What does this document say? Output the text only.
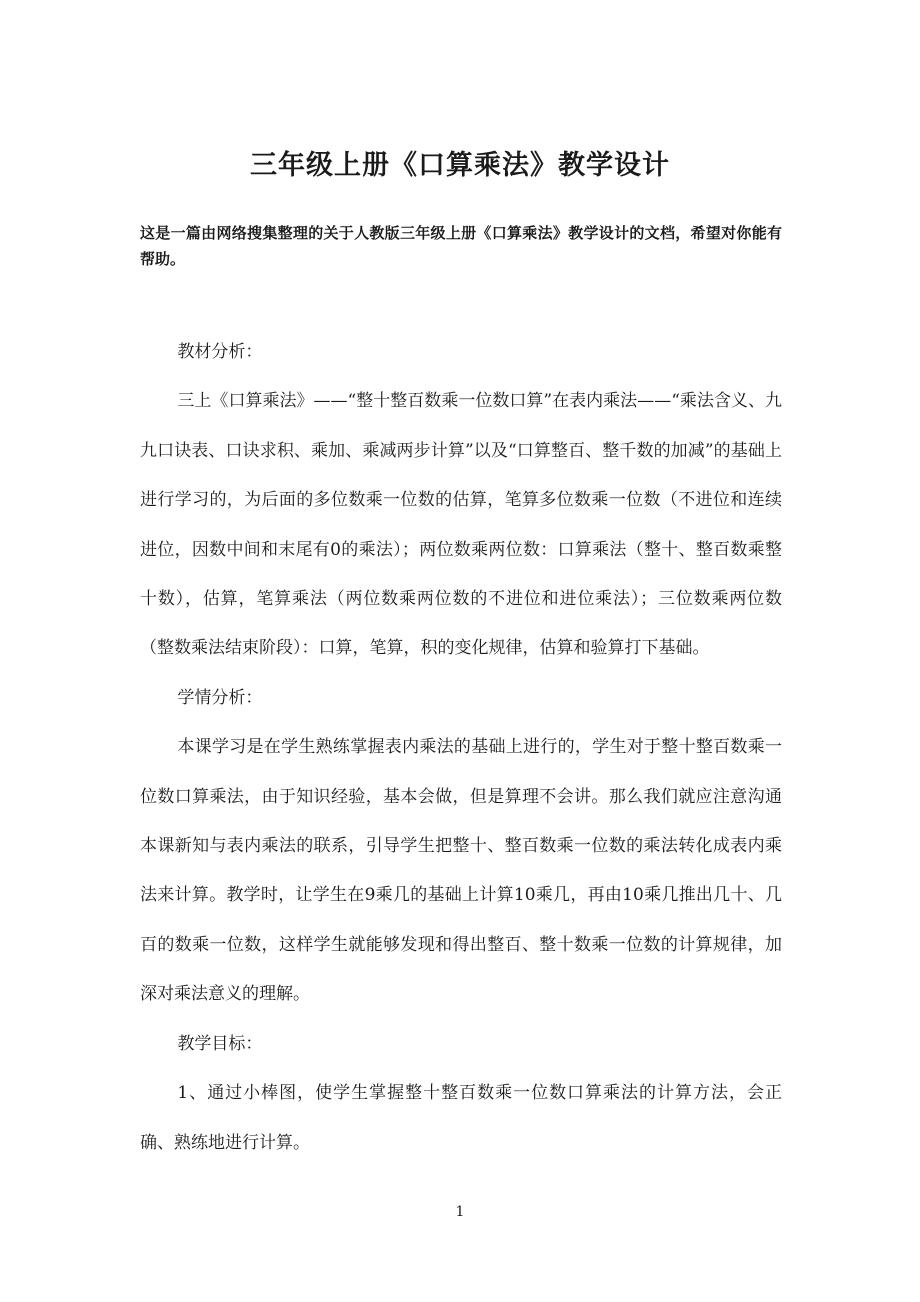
三年级上册《口算乘法》教学设计

这是一篇由网络搜集整理的关于人教版三年级上册《口算乘法》教学设计的文档，希望对你能有帮助。

教材分析：

三上《口算乘法》——“整十整百数乘一位数口算”在表内乘法——“乘法含义、九九口诀表、口诀求积、乘加、乘减两步计算”以及“口算整百、整千数的加减”的基础上进行学习的，为后面的多位数乘一位数的估算，笔算多位数乘一位数（不进位和连续进位，因数中间和末尾有0的乘法）；两位数乘两位数：口算乘法（整十、整百数乘整十数），估算，笔算乘法（两位数乘两位数的不进位和进位乘法）；三位数乘两位数（整数乘法结束阶段）：口算，笔算，积的变化规律，估算和验算打下基础。

学情分析：

本课学习是在学生熟练掌握表内乘法的基础上进行的，学生对于整十整百数乘一位数口算乘法，由于知识经验，基本会做，但是算理不会讲。那么我们就应注意沟通本课新知与表内乘法的联系，引导学生把整十、整百数乘一位数的乘法转化成表内乘法来计算。教学时，让学生在9乘几的基础上计算10乘几，再由10乘几推出几十、几百的数乘一位数，这样学生就能够发现和得出整百、整十数乘一位数的计算规律，加深对乘法意义的理解。

教学目标：

1、通过小棒图，使学生掌握整十整百数乘一位数口算乘法的计算方法，会正确、熟练地进行计算。

1
